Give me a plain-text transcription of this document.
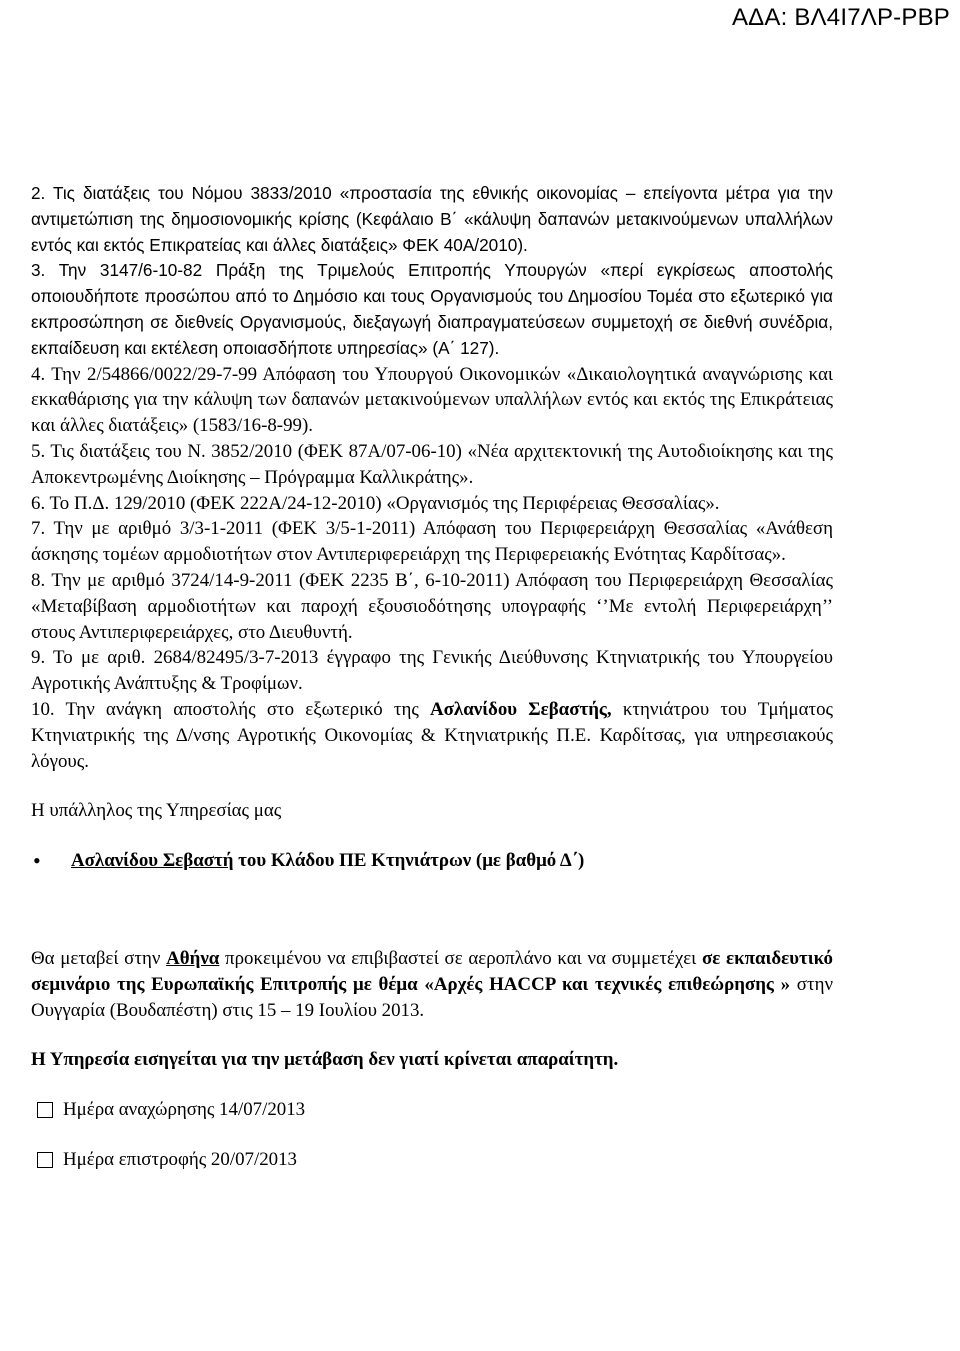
ΑΔΑ: ΒΛ4Ι7ΛΡ-ΡΒΡ

2. Τις διατάξεις του Νόμου 3833/2010 «προστασία της εθνικής οικονομίας – επείγοντα μέτρα για την αντιμετώπιση της δημοσιονομικής κρίσης (Κεφάλαιο Β΄ «κάλυψη δαπανών μετακινούμενων υπαλλήλων εντός και εκτός Επικρατείας και άλλες διατάξεις» ΦΕΚ 40Α/2010).

3. Την 3147/6-10-82 Πράξη της Τριμελούς Επιτροπής Υπουργών «περί εγκρίσεως αποστολής οποιουδήποτε προσώπου από το Δημόσιο και τους Οργανισμούς του Δημοσίου Τομέα στο εξωτερικό για εκπροσώπηση σε διεθνείς Οργανισμούς, διεξαγωγή διαπραγματεύσεων συμμετοχή σε διεθνή συνέδρια, εκπαίδευση και εκτέλεση οποιασδήποτε υπηρεσίας» (Α΄ 127).

4. Την 2/54866/0022/29-7-99 Απόφαση του Υπουργού Οικονομικών «Δικαιολογητικά αναγνώρισης και εκκαθάρισης για την κάλυψη των δαπανών μετακινούμενων υπαλλήλων εντός και εκτός της Επικράτειας και άλλες διατάξεις» (1583/16-8-99).

5. Τις διατάξεις του Ν. 3852/2010 (ΦΕΚ 87Α/07-06-10) «Νέα αρχιτεκτονική της Αυτοδιοίκησης και της Αποκεντρωμένης Διοίκησης – Πρόγραμμα Καλλικράτης».

6. Το Π.Δ. 129/2010 (ΦΕΚ 222Α/24-12-2010) «Οργανισμός της Περιφέρειας Θεσσαλίας».

7. Την με αριθμό 3/3-1-2011 (ΦΕΚ 3/5-1-2011) Απόφαση του Περιφερειάρχη Θεσσαλίας «Ανάθεση άσκησης τομέων αρμοδιοτήτων στον Αντιπεριφερειάρχη της Περιφερειακής Ενότητας Καρδίτσας».

8. Την με αριθμό 3724/14-9-2011 (ΦΕΚ 2235 Β΄, 6-10-2011) Απόφαση του Περιφερειάρχη Θεσσαλίας «Μεταβίβαση αρμοδιοτήτων και παροχή εξουσιοδότησης υπογραφής ‘’Με εντολή Περιφερειάρχη’’ στους Αντιπεριφερειάρχες, στο Διευθυντή.

9. Το με αριθ. 2684/82495/3-7-2013 έγγραφο της Γενικής Διεύθυνσης Κτηνιατρικής του Υπουργείου Αγροτικής Ανάπτυξης & Τροφίμων.

10. Την ανάγκη αποστολής στο εξωτερικό της Ασλανίδου Σεβαστής, κτηνιάτρου του Τμήματος Κτηνιατρικής της Δ/νσης Αγροτικής Οικονομίας & Κτηνιατρικής Π.Ε. Καρδίτσας, για υπηρεσιακούς λόγους.

Η υπάλληλος της Υπηρεσίας μας

• Ασλανίδου Σεβαστή του Κλάδου ΠΕ Κτηνιάτρων (με βαθμό Δ΄)

Θα μεταβεί στην Αθήνα προκειμένου να επιβιβαστεί σε αεροπλάνο και να συμμετέχει σε εκπαιδευτικό σεμινάριο της Ευρωπαϊκής Επιτροπής με θέμα «Αρχές HACCP και τεχνικές επιθεώρησης » στην Ουγγαρία (Βουδαπέστη) στις 15 – 19 Ιουλίου 2013.

Η Υπηρεσία εισηγείται για την μετάβαση δεν γιατί κρίνεται απαραίτητη.

Ημέρα αναχώρησης 14/07/2013

Ημέρα επιστροφής 20/07/2013
